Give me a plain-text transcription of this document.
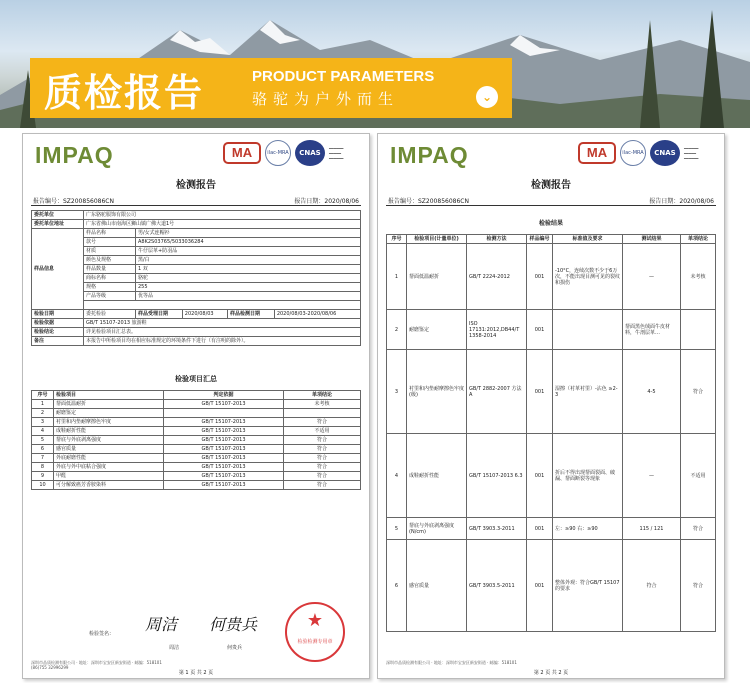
质检报告	PRODUCT PARAMETERS
骆驼为户外而生	⌄
IMPAQ	MA	ilac-MRA	CNAS
━━━━━━
━━━━━
━━━━━━
检测报告
报告编号：SZ200856086CN	报告日期：2020/08/06
委托单位	广东骆驼服饰有限公司				
委托单位地址	广东省佛山市南海区狮山镇广佛大道1号				
样品信息	样品名称	男/女式连帽衫			
	款号	A8K2S03765/5033036284			
	材质	牛仔层革+防羽品			
	颜色及规格	黑/白			
	样品数量	1 双			
	商标名称	骆驼			
	规格	255			
	产品等级	优等品			

检验日期	委托检验	样品受理日期	2020/08/03	样品检测日期	2020/08/03-2020/08/06
检验依据	GB/T 15107-2013 旅游鞋				
检验结论	详见检验项目汇总表。				
备注	本报告中所检项目均在相应标准规定的环境条件下进行（有注明的除外）。				
检验项目汇总
序号	检验项目	判定依据	单项结论
1	帮面低温耐折	GB/T 15107-2013	未考核
2	耐磨鉴定		
3	衬里和内垫耐摩擦色牢度	GB/T 15107-2013	符合
4	成鞋耐折性能	GB/T 15107-2013	不适用
5	帮底与外底剥离强度	GB/T 15107-2013	符合
6	感官质量	GB/T 15107-2013	符合
7	外底耐磨性能	GB/T 15107-2013	符合
8	外底与外中底粘合强度	GB/T 15107-2013	符合
9	甲醛	GB/T 15107-2013	符合
10	可分解致癌芳香胺染料	GB/T 15107-2013	符合
检验签名： 周洁 何贵兵
周洁	何贵兵
★
检验检测专用章
深圳市品质检测有限公司 · 地址：深圳市宝安区新安街道 · 邮编：518101
(86)755 32996299
第 1 页 共 2 页
IMPAQ	MA	ilac-MRA	CNAS
━━━━━━
━━━━━
━━━━━━
检测报告
报告编号：SZ200856086CN	报告日期：2020/08/06
检验结果
序号	检验项目(计量单位)	检测方法	样品编号	标准值及要求	测试结果	单项结论
1	帮面低温耐折	GB/T 2224-2012	001	-10°C，连续次数不少于6万次，不能出现目测可见的裂纹和损伤	—	未考核
2	耐磨鉴定	ISO 17131:2012,DB44/T 1358-2014	001		帮面黑色绒面牛皮材料，牛剖层革…	
3	衬里和内垫耐摩擦色牢度(级)	GB/T 2882-2007 方法A	001	湿擦（衬革衬里）-沾色 ≥2-3	4-5	符合
4	成鞋耐折性能	GB/T 15107-2013 6.3	001	折后不得出现帮面裂面、破漏、帮面断裂等现象	—	不适用
5	帮底与外底剥离强度(N/cm)	GB/T 3903.3-2011	001	左：≥90 右：≥90	115 / 121	符合
6	感官质量	GB/T 3903.5-2011	001	整体外观：符合GB/T 15107的要求	符合	符合
深圳市品质检测有限公司 · 地址：深圳市宝安区新安街道 · 邮编：518101
第 2 页 共 2 页
